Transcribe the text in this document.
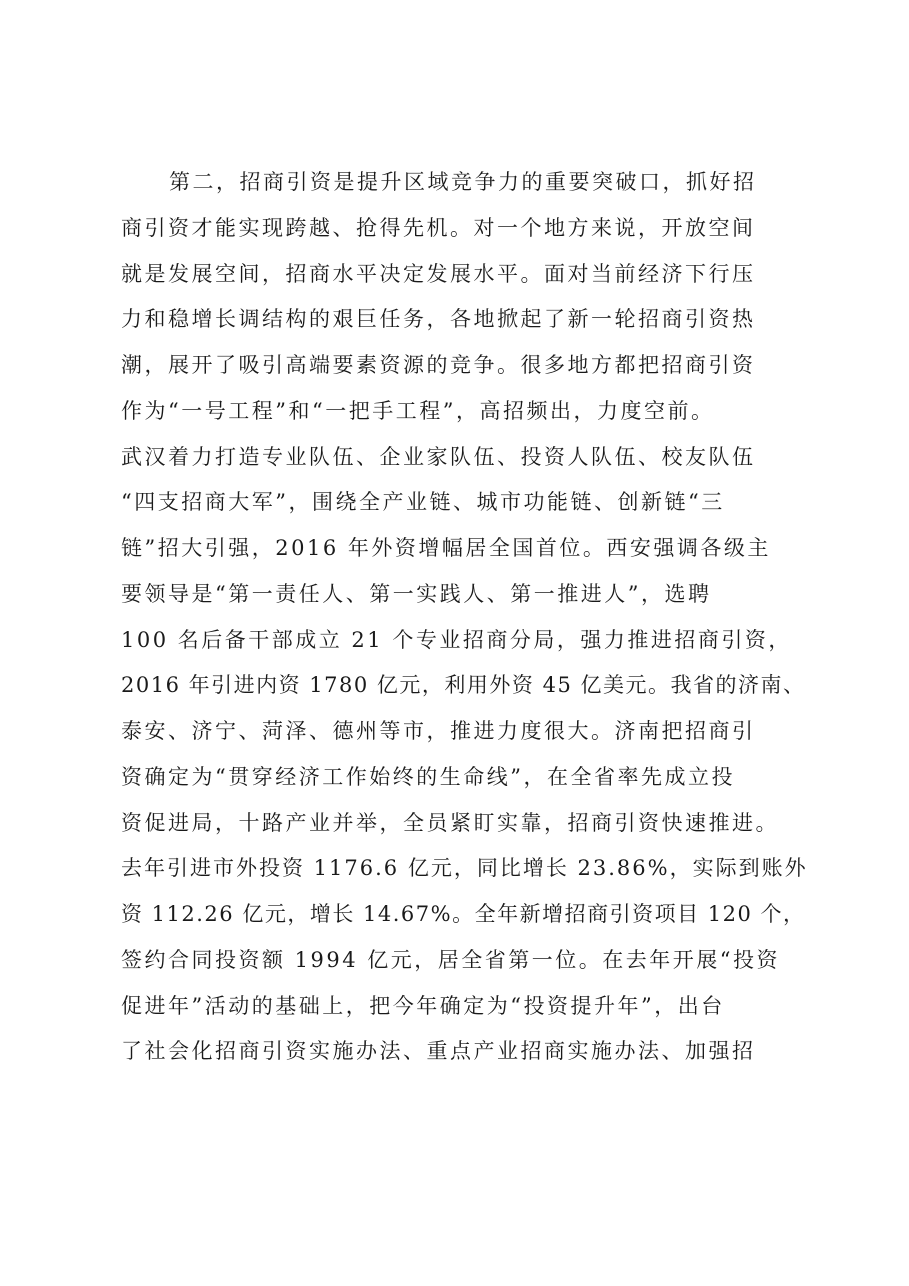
第二，招商引资是提升区域竞争力的重要突破口，抓好招
商引资才能实现跨越、抢得先机。对一个地方来说，开放空间
就是发展空间，招商水平决定发展水平。面对当前经济下行压
力和稳增长调结构的艰巨任务，各地掀起了新一轮招商引资热
潮，展开了吸引高端要素资源的竞争。很多地方都把招商引资
作为“一号工程”和“一把手工程”，高招频出，力度空前。
武汉着力打造专业队伍、企业家队伍、投资人队伍、校友队伍
“四支招商大军”，围绕全产业链、城市功能链、创新链“三
链”招大引强，2016 年外资增幅居全国首位。西安强调各级主
要领导是“第一责任人、第一实践人、第一推进人”，选聘
100 名后备干部成立 21 个专业招商分局，强力推进招商引资，
2016 年引进内资 1780 亿元，利用外资 45 亿美元。我省的济南、
泰安、济宁、菏泽、德州等市，推进力度很大。济南把招商引
资确定为“贯穿经济工作始终的生命线”，在全省率先成立投
资促进局，十路产业并举，全员紧盯实靠，招商引资快速推进。
去年引进市外投资 1176.6 亿元，同比增长 23.86%，实际到账外
资 112.26 亿元，增长 14.67%。全年新增招商引资项目 120 个，
签约合同投资额 1994 亿元，居全省第一位。在去年开展“投资
促进年”活动的基础上，把今年确定为“投资提升年”，出台
了社会化招商引资实施办法、重点产业招商实施办法、加强招
